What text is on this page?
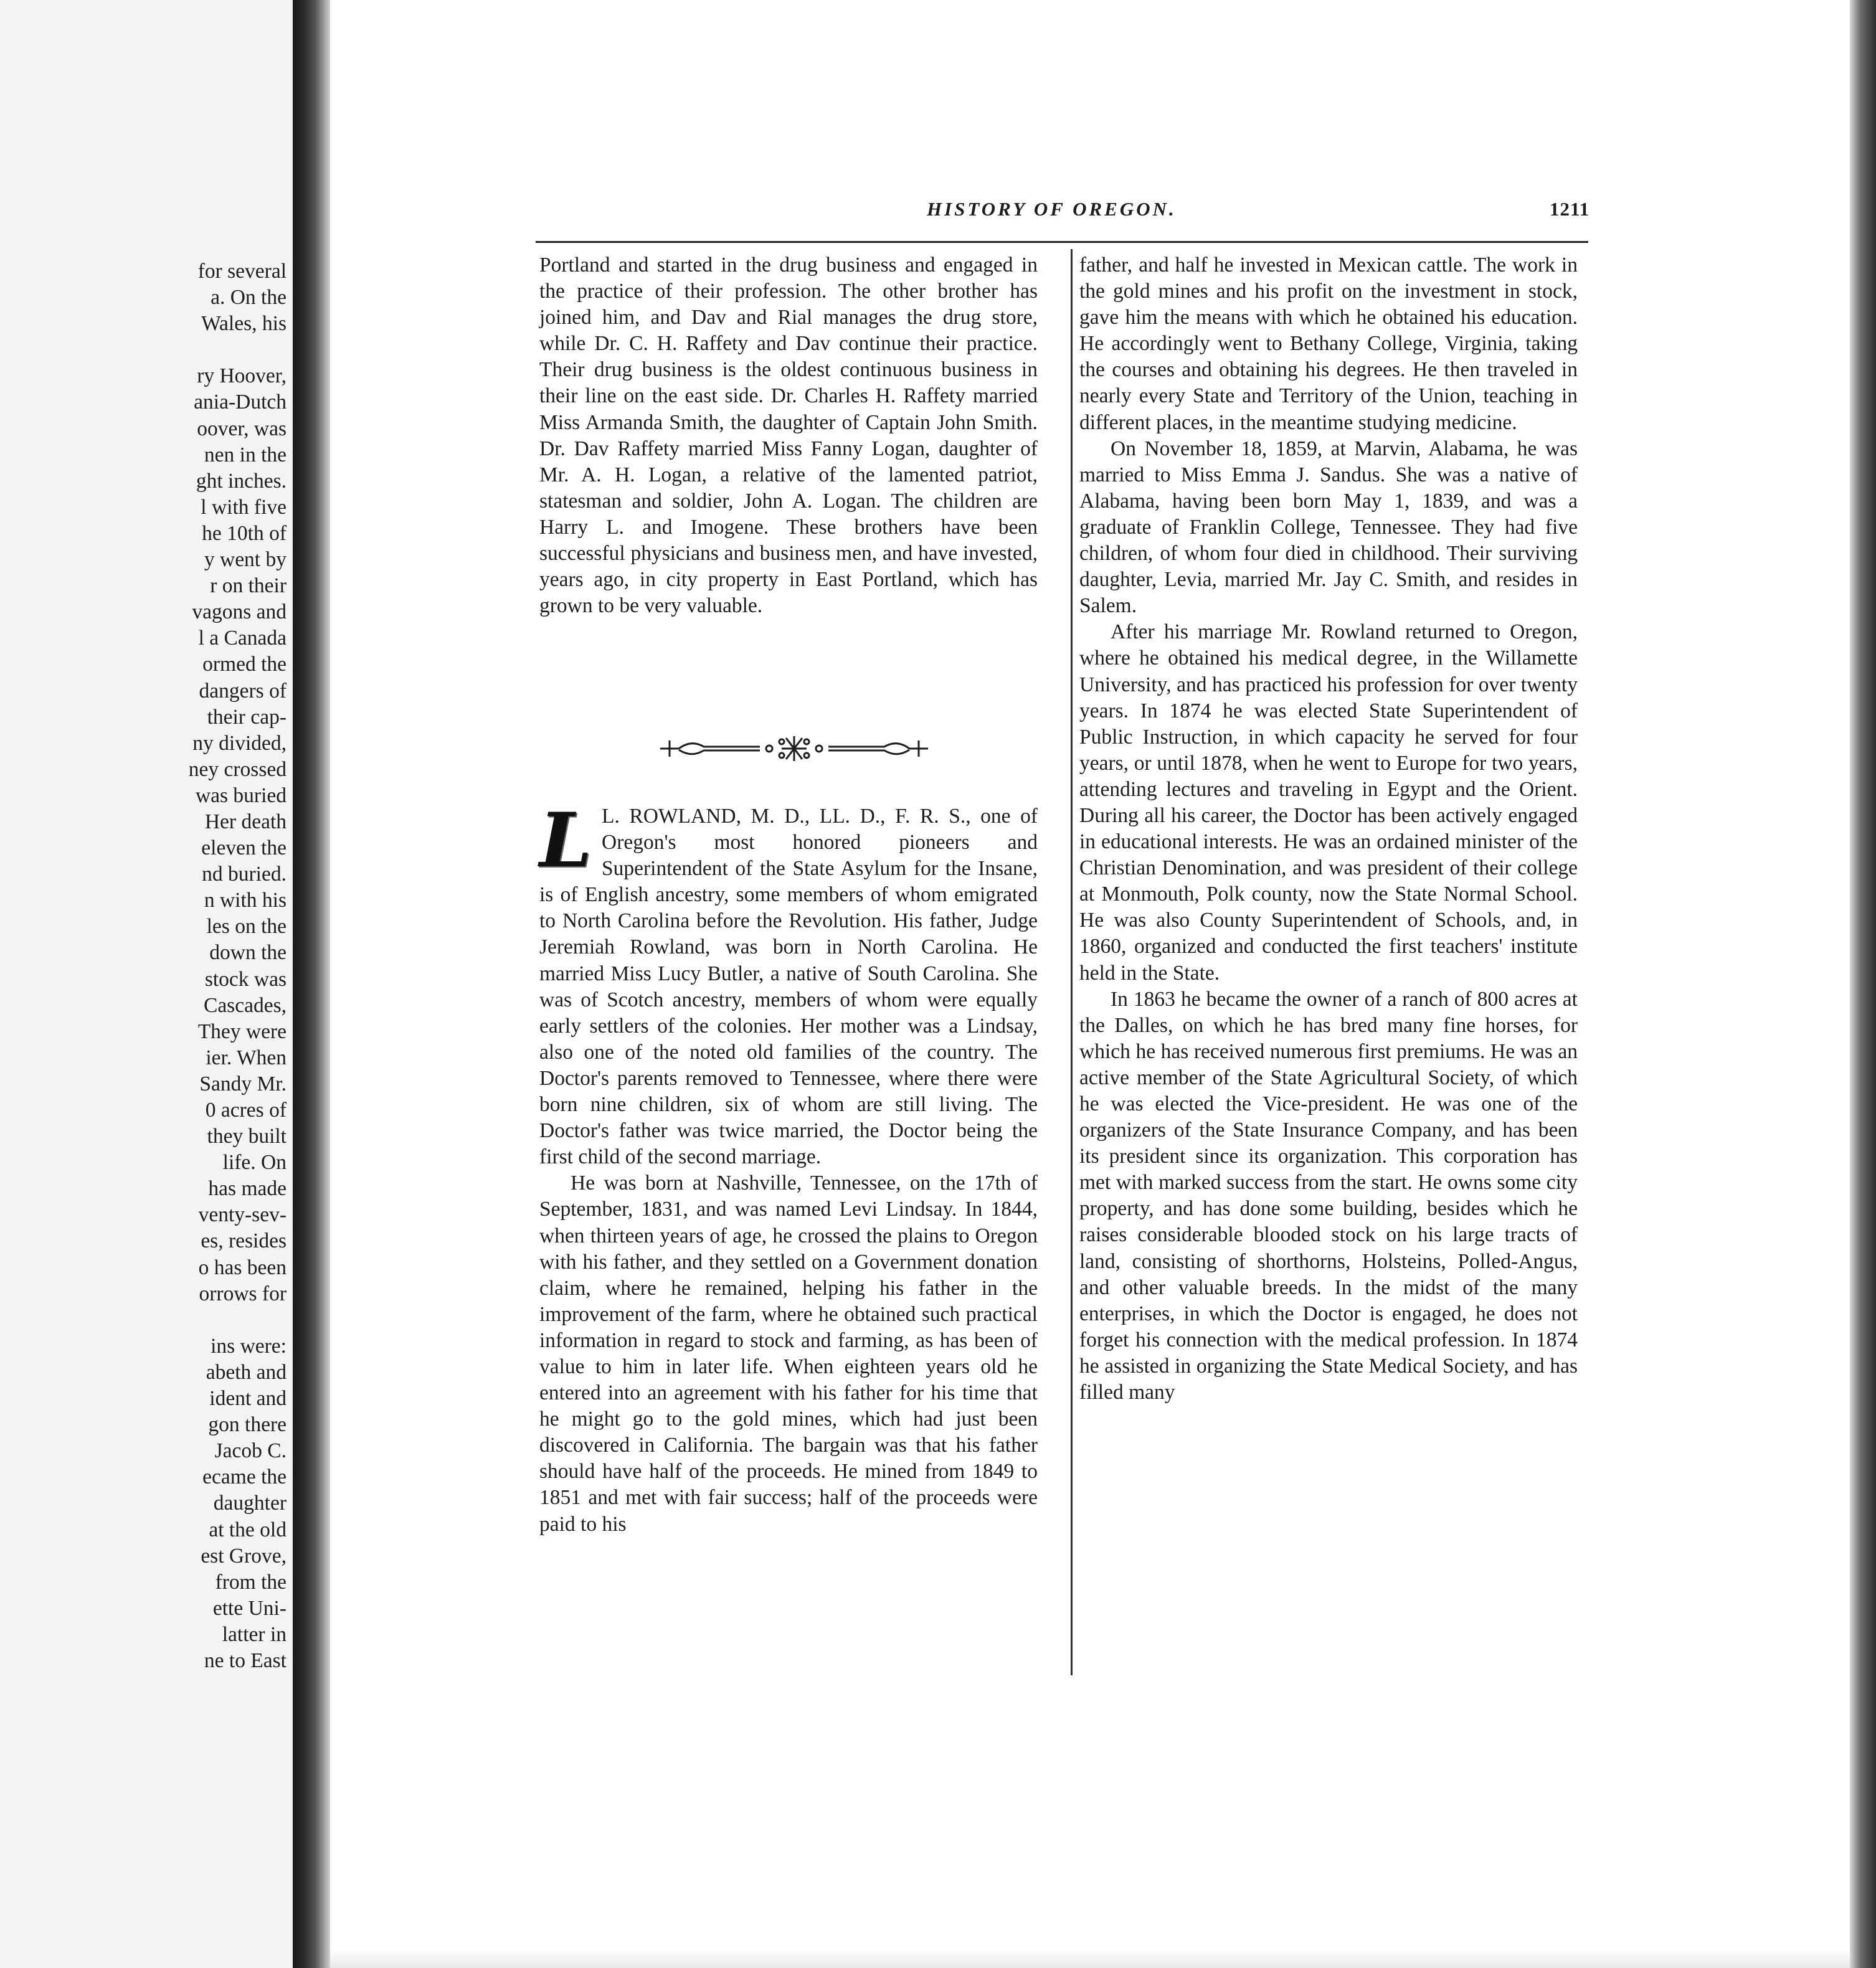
for several
a. On the
Wales, his
ry Hoover,
ania-Dutch
oover, was
nen in the
ght inches.
l with five
he 10th of
y went by
r on their
vagons and
l a Canada
ormed the
dangers of
their cap-
ny divided,
ney crossed
was buried
Her death
eleven the
nd buried.
n with his
les on the
down the
stock was
Cascades,
They were
ier. When
Sandy Mr.
0 acres of
they built
life. On
has made
venty-sev-
es, resides
o has been
orrows for
ins were:
abeth and
ident and
gon there
Jacob C.
ecame the
daughter
at the old
est Grove,
from the
ette Uni-
latter in
ne to East
HISTORY OF OREGON.	1211

Portland and started in the drug business and engaged in the practice of their profession. The other brother has joined him, and Dav and Rial manages the drug store, while Dr. C. H. Raffety and Dav continue their practice. Their drug business is the oldest continuous business in their line on the east side. Dr. Charles H. Raffety married Miss Armanda Smith, the daughter of Captain John Smith. Dr. Dav Raffety married Miss Fanny Logan, daughter of Mr. A. H. Logan, a relative of the lamented patriot, statesman and soldier, John A. Logan. The children are Harry L. and Imogene. These brothers have been successful physicians and business men, and have invested, years ago, in city property in East Portland, which has grown to be very valuable.

L L. ROWLAND, M. D., LL. D., F. R. S., one of Oregon's most honored pioneers and Superintendent of the State Asylum for the Insane, is of English ancestry, some members of whom emigrated to North Carolina before the Revolution. His father, Judge Jeremiah Rowland, was born in North Carolina. He married Miss Lucy Butler, a native of South Carolina. She was of Scotch ancestry, members of whom were equally early settlers of the colonies. Her mother was a Lindsay, also one of the noted old families of the country. The Doctor's parents removed to Tennessee, where there were born nine children, six of whom are still living. The Doctor's father was twice married, the Doctor being the first child of the second marriage.

He was born at Nashville, Tennessee, on the 17th of September, 1831, and was named Levi Lindsay. In 1844, when thirteen years of age, he crossed the plains to Oregon with his father, and they settled on a Government donation claim, where he remained, helping his father in the improvement of the farm, where he obtained such practical information in regard to stock and farming, as has been of value to him in later life. When eighteen years old he entered into an agreement with his father for his time that he might go to the gold mines, which had just been discovered in California. The bargain was that his father should have half of the proceeds. He mined from 1849 to 1851 and met with fair success; half of the proceeds were paid to his

father, and half he invested in Mexican cattle. The work in the gold mines and his profit on the investment in stock, gave him the means with which he obtained his education. He accordingly went to Bethany College, Virginia, taking the courses and obtaining his degrees. He then traveled in nearly every State and Territory of the Union, teaching in different places, in the meantime studying medicine.

On November 18, 1859, at Marvin, Alabama, he was married to Miss Emma J. Sandus. She was a native of Alabama, having been born May 1, 1839, and was a graduate of Franklin College, Tennessee. They had five children, of whom four died in childhood. Their surviving daughter, Levia, married Mr. Jay C. Smith, and resides in Salem.

After his marriage Mr. Rowland returned to Oregon, where he obtained his medical degree, in the Willamette University, and has practiced his profession for over twenty years. In 1874 he was elected State Superintendent of Public Instruction, in which capacity he served for four years, or until 1878, when he went to Europe for two years, attending lectures and traveling in Egypt and the Orient. During all his career, the Doctor has been actively engaged in educational interests. He was an ordained minister of the Christian Denomination, and was president of their college at Monmouth, Polk county, now the State Normal School. He was also County Superintendent of Schools, and, in 1860, organized and conducted the first teachers' institute held in the State.

In 1863 he became the owner of a ranch of 800 acres at the Dalles, on which he has bred many fine horses, for which he has received numerous first premiums. He was an active member of the State Agricultural Society, of which he was elected the Vice-president. He was one of the organizers of the State Insurance Company, and has been its president since its organization. This corporation has met with marked success from the start. He owns some city property, and has done some building, besides which he raises considerable blooded stock on his large tracts of land, consisting of shorthorns, Holsteins, Polled-Angus, and other valuable breeds. In the midst of the many enterprises, in which the Doctor is engaged, he does not forget his connection with the medical profession. In 1874 he assisted in organizing the State Medical Society, and has filled many
